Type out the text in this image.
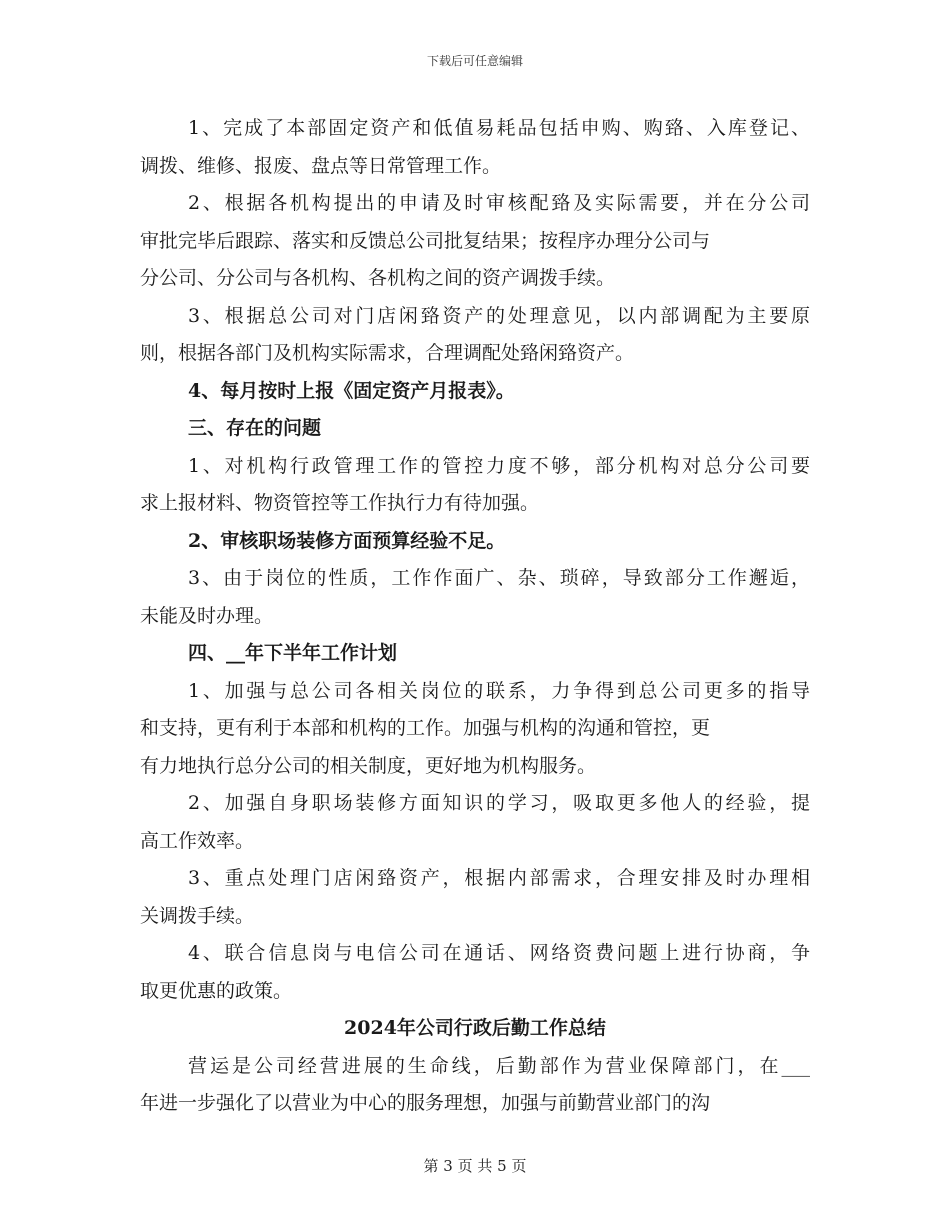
下载后可任意编辑
1、完成了本部固定资产和低值易耗品包括申购、购臵、入库登记、
调拨、维修、报废、盘点等日常管理工作。
2、根据各机构提出的申请及时审核配臵及实际需要，并在分公司
审批完毕后跟踪、落实和反馈总公司批复结果；按程序办理分公司与
分公司、分公司与各机构、各机构之间的资产调拨手续。
3、根据总公司对门店闲臵资产的处理意见，以内部调配为主要原
则，根据各部门及机构实际需求，合理调配处臵闲臵资产。
4、每月按时上报《固定资产月报表》。
三、存在的问题
1、对机构行政管理工作的管控力度不够，部分机构对总分公司要
求上报材料、物资管控等工作执行力有待加强。
2、审核职场装修方面预算经验不足。
3、由于岗位的性质，工作作面广、杂、琐碎，导致部分工作邂逅，
未能及时办理。
四、__年下半年工作计划
1、加强与总公司各相关岗位的联系，力争得到总公司更多的指导
和支持，更有利于本部和机构的工作。加强与机构的沟通和管控，更
有力地执行总分公司的相关制度，更好地为机构服务。
2、加强自身职场装修方面知识的学习，吸取更多他人的经验，提
高工作效率。
3、重点处理门店闲臵资产，根据内部需求，合理安排及时办理相
关调拨手续。
4、联合信息岗与电信公司在通话、网络资费问题上进行协商，争
取更优惠的政策。
2024年公司行政后勤工作总结
营运是公司经营进展的生命线，后勤部作为营业保障部门，在___
年进一步强化了以营业为中心的服务理想，加强与前勤营业部门的沟
第 3 页 共 5 页
